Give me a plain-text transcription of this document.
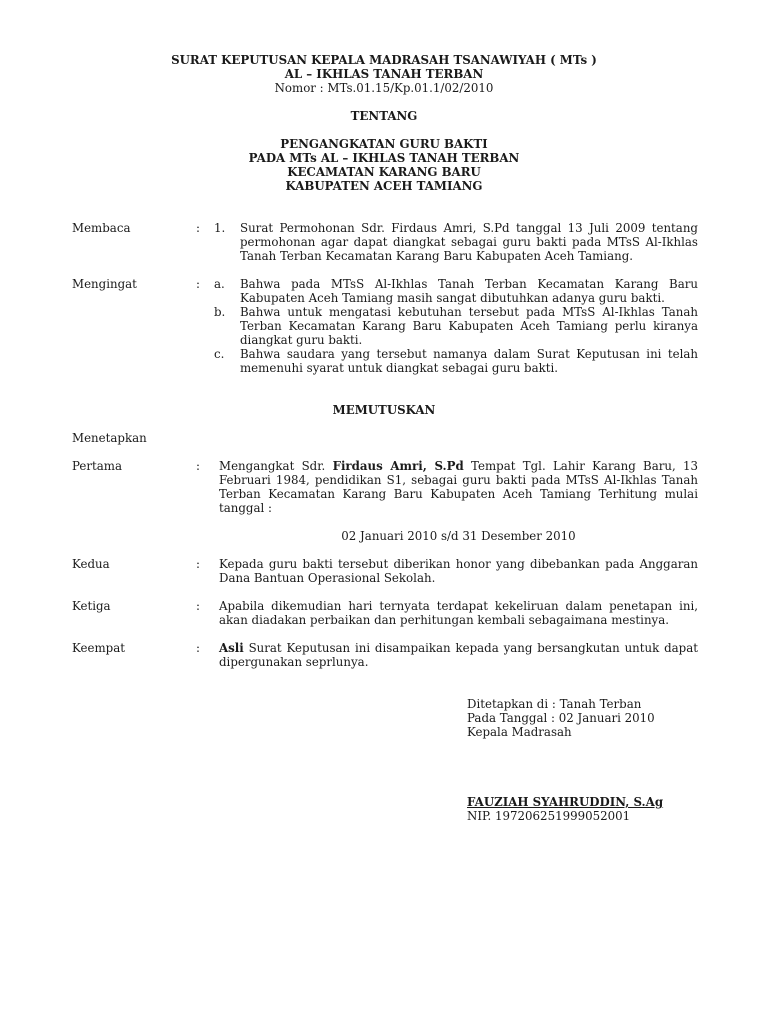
SURAT KEPUTUSAN KEPALA MADRASAH TSANAWIYAH ( MTs )
AL – IKHLAS TANAH TERBAN
Nomor : MTs.01.15/Kp.01.1/02/2010
TENTANG
PENGANGKATAN GURU BAKTI
PADA MTs AL – IKHLAS TANAH TERBAN
KECAMATAN KARANG BARU
KABUPATEN ACEH TAMIANG
Membaca	: 1. Surat Permohonan Sdr. Firdaus Amri, S.Pd tanggal 13 Juli 2009 tentang
permohonan agar dapat diangkat sebagai guru bakti pada MTsS Al-Ikhlas
Tanah Terban Kecamatan Karang Baru Kabupaten Aceh Tamiang.
Mengingat	: a. Bahwa pada MTsS Al-Ikhlas Tanah Terban Kecamatan Karang Baru
Kabupaten Aceh Tamiang masih sangat dibutuhkan adanya guru bakti.
b. Bahwa untuk mengatasi kebutuhan tersebut pada MTsS Al-Ikhlas Tanah
Terban Kecamatan Karang Baru Kabupaten Aceh Tamiang perlu kiranya
diangkat guru bakti.
c. Bahwa saudara yang tersebut namanya dalam Surat Keputusan ini telah
memenuhi syarat untuk diangkat sebagai guru bakti.
MEMUTUSKAN
Menetapkan
Pertama	: Mengangkat Sdr. Firdaus Amri, S.Pd Tempat Tgl. Lahir Karang Baru, 13
Februari 1984, pendidikan S1, sebagai guru bakti pada MTsS Al-Ikhlas Tanah
Terban Kecamatan Karang Baru Kabupaten Aceh Tamiang Terhitung mulai
tanggal :
02 Januari 2010 s/d 31 Desember 2010
Kedua	: Kepada guru bakti tersebut diberikan honor yang dibebankan pada Anggaran
Dana Bantuan Operasional Sekolah.
Ketiga	: Apabila dikemudian hari ternyata terdapat kekeliruan dalam penetapan ini,
akan diadakan perbaikan dan perhitungan kembali sebagaimana mestinya.
Keempat	: Asli Surat Keputusan ini disampaikan kepada yang bersangkutan untuk dapat
dipergunakan seprlunya.
Ditetapkan di : Tanah Terban
Pada Tanggal : 02 Januari 2010
Kepala Madrasah
FAUZIAH SYAHRUDDIN, S.Ag
NIP. 197206251999052001
